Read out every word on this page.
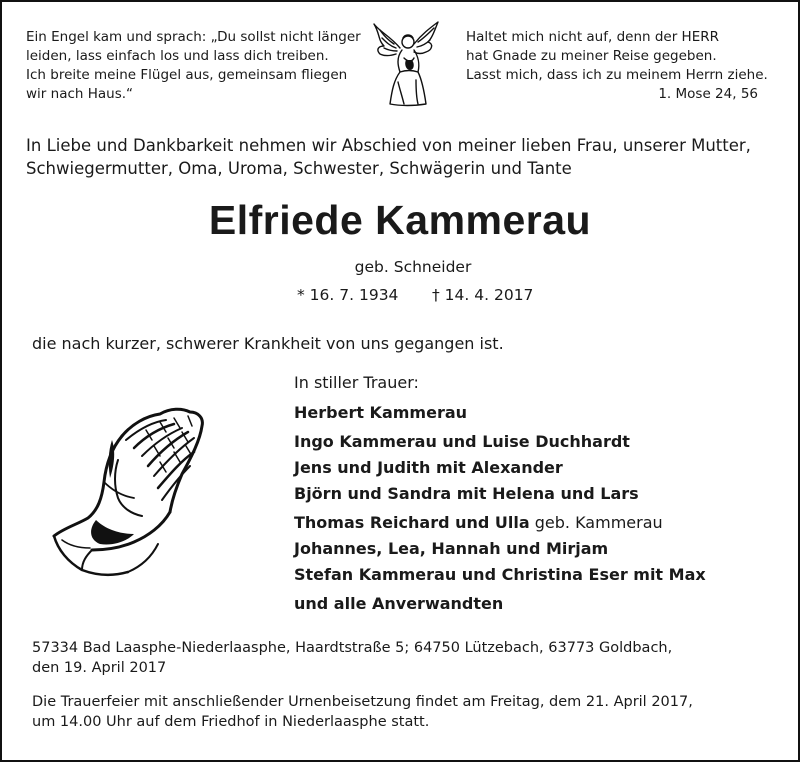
Ein Engel kam und sprach: „Du sollst nicht länger
leiden, lass einfach los und lass dich treiben.
Ich breite meine Flügel aus, gemeinsam fliegen
wir nach Haus.“
Haltet mich nicht auf, denn der HERR
hat Gnade zu meiner Reise gegeben.
Lasst mich, dass ich zu meinem Herrn ziehe.
1. Mose 24, 56
In Liebe und Dankbarkeit nehmen wir Abschied von meiner lieben Frau, unserer Mutter,
Schwiegermutter, Oma, Uroma, Schwester, Schwägerin und Tante
Elfriede Kammerau
geb. Schneider
* 16. 7. 1934 † 14. 4. 2017
die nach kurzer, schwerer Krankheit von uns gegangen ist.
In stiller Trauer:
Herbert Kammerau
Ingo Kammerau und Luise Duchhardt
Jens und Judith mit Alexander
Björn und Sandra mit Helena und Lars
Thomas Reichard und Ulla geb. Kammerau
Johannes, Lea, Hannah und Mirjam
Stefan Kammerau und Christina Eser mit Max
und alle Anverwandten
57334 Bad Laasphe-Niederlaasphe, Haardtstraße 5; 64750 Lützebach, 63773 Goldbach,
den 19. April 2017
Die Trauerfeier mit anschließender Urnenbeisetzung findet am Freitag, dem 21. April 2017,
um 14.00 Uhr auf dem Friedhof in Niederlaasphe statt.
